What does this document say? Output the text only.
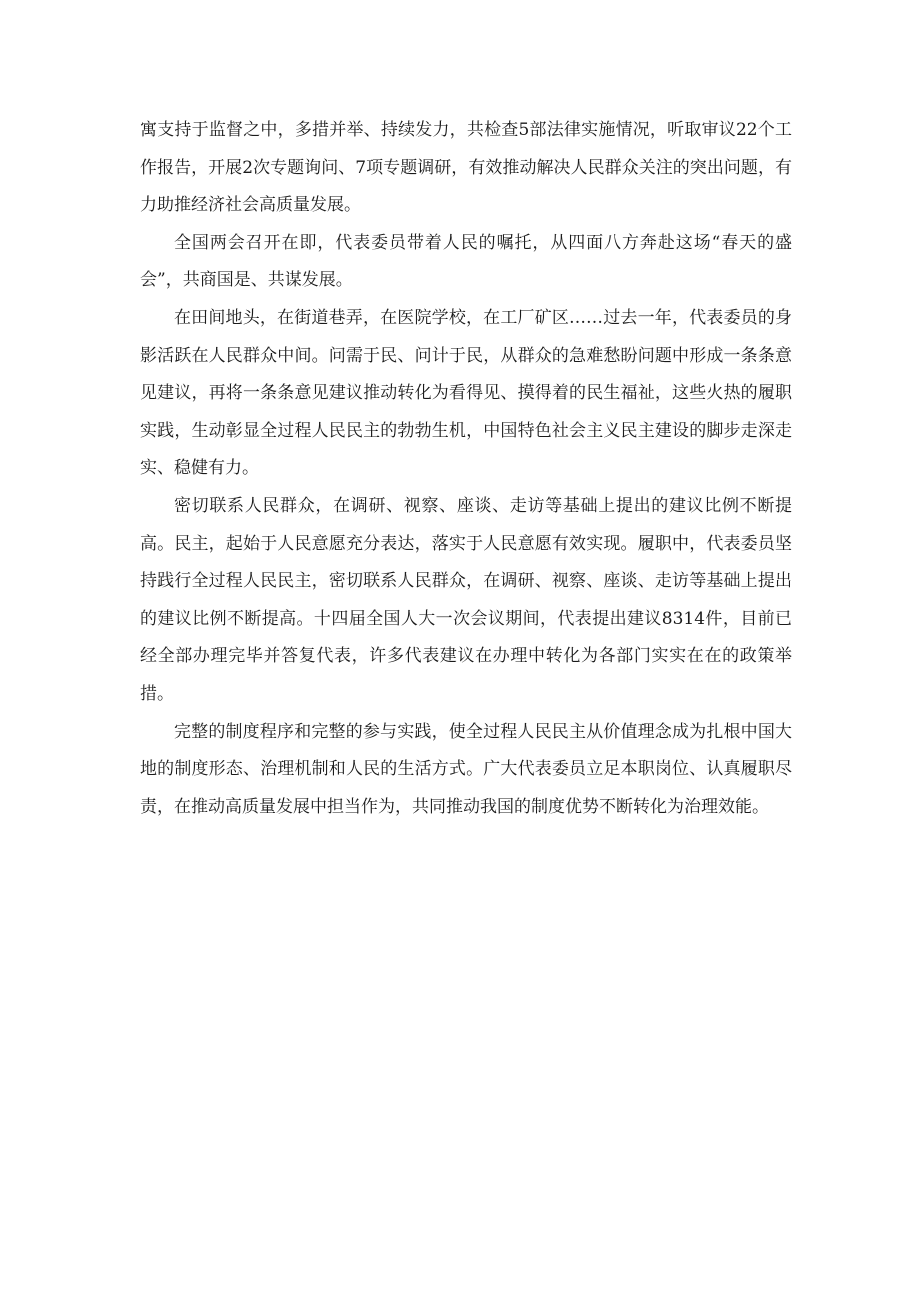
寓支持于监督之中，多措并举、持续发力，共检查5部法律实施情况，听取审议22个工作报告，开展2次专题询问、7项专题调研，有效推动解决人民群众关注的突出问题，有力助推经济社会高质量发展。

全国两会召开在即，代表委员带着人民的嘱托，从四面八方奔赴这场“春天的盛会”，共商国是、共谋发展。

在田间地头，在街道巷弄，在医院学校，在工厂矿区……过去一年，代表委员的身影活跃在人民群众中间。问需于民、问计于民，从群众的急难愁盼问题中形成一条条意见建议，再将一条条意见建议推动转化为看得见、摸得着的民生福祉，这些火热的履职实践，生动彰显全过程人民民主的勃勃生机，中国特色社会主义民主建设的脚步走深走实、稳健有力。

密切联系人民群众，在调研、视察、座谈、走访等基础上提出的建议比例不断提高。民主，起始于人民意愿充分表达，落实于人民意愿有效实现。履职中，代表委员坚持践行全过程人民民主，密切联系人民群众，在调研、视察、座谈、走访等基础上提出的建议比例不断提高。十四届全国人大一次会议期间，代表提出建议8314件，目前已经全部办理完毕并答复代表，许多代表建议在办理中转化为各部门实实在在的政策举措。

完整的制度程序和完整的参与实践，使全过程人民民主从价值理念成为扎根中国大地的制度形态、治理机制和人民的生活方式。广大代表委员立足本职岗位、认真履职尽责，在推动高质量发展中担当作为，共同推动我国的制度优势不断转化为治理效能。
